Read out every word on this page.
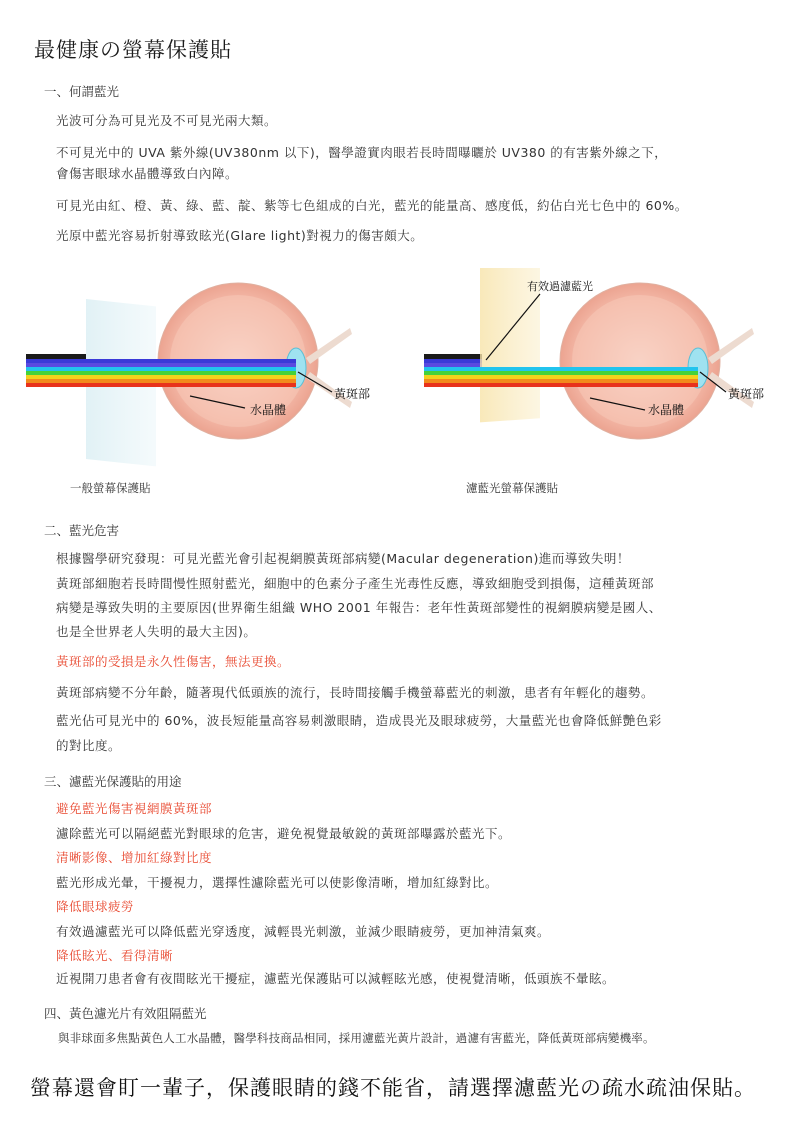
最健康の螢幕保護貼
一、何謂藍光
光波可分為可見光及不可見光兩大類。
不可見光中的 UVA 紫外線(UV380nm 以下)，醫學證實肉眼若長時間曝曬於 UV380 的有害紫外線之下，
會傷害眼球水晶體導致白內障。
可見光由紅、橙、黃、綠、藍、靛、紫等七色組成的白光，藍光的能量高、感度低，約佔白光七色中的 60%。
光原中藍光容易折射導致眩光(Glare light)對視力的傷害頗大。
水晶體
黃斑部
一般螢幕保護貼
有效過濾藍光
水晶體
黃斑部
濾藍光螢幕保護貼
二、藍光危害
根據醫學研究發現：可見光藍光會引起視網膜黃斑部病變(Macular degeneration)進而導致失明！
黃斑部細胞若長時間慢性照射藍光，細胞中的色素分子產生光毒性反應，導致細胞受到損傷，這種黃斑部
病變是導致失明的主要原因(世界衛生組織 WHO 2001 年報告：老年性黃斑部變性的視網膜病變是國人、
也是全世界老人失明的最大主因)。
黃斑部的受損是永久性傷害，無法更換。
黃斑部病變不分年齡，隨著現代低頭族的流行，長時間接觸手機螢幕藍光的刺激，患者有年輕化的趨勢。
藍光佔可見光中的 60%，波長短能量高容易刺激眼睛，造成畏光及眼球疲勞，大量藍光也會降低鮮艷色彩
的對比度。
三、濾藍光保護貼的用途
避免藍光傷害視網膜黃斑部
濾除藍光可以隔絕藍光對眼球的危害，避免視覺最敏銳的黃斑部曝露於藍光下。
清晰影像、增加紅綠對比度
藍光形成光暈，干擾視力，選擇性濾除藍光可以使影像清晰，增加紅綠對比。
降低眼球疲勞
有效過濾藍光可以降低藍光穿透度，減輕畏光刺激，並減少眼睛疲勞，更加神清氣爽。
降低眩光、看得清晰
近視開刀患者會有夜間眩光干擾症，濾藍光保護貼可以減輕眩光感，使視覺清晰，低頭族不暈眩。
四、黃色濾光片有效阻隔藍光
與非球面多焦點黃色人工水晶體，醫學科技商品相同，採用濾藍光黃片設計，過濾有害藍光，降低黃斑部病變機率。
螢幕還會盯一輩子，保護眼睛的錢不能省，請選擇濾藍光の疏水疏油保貼。
